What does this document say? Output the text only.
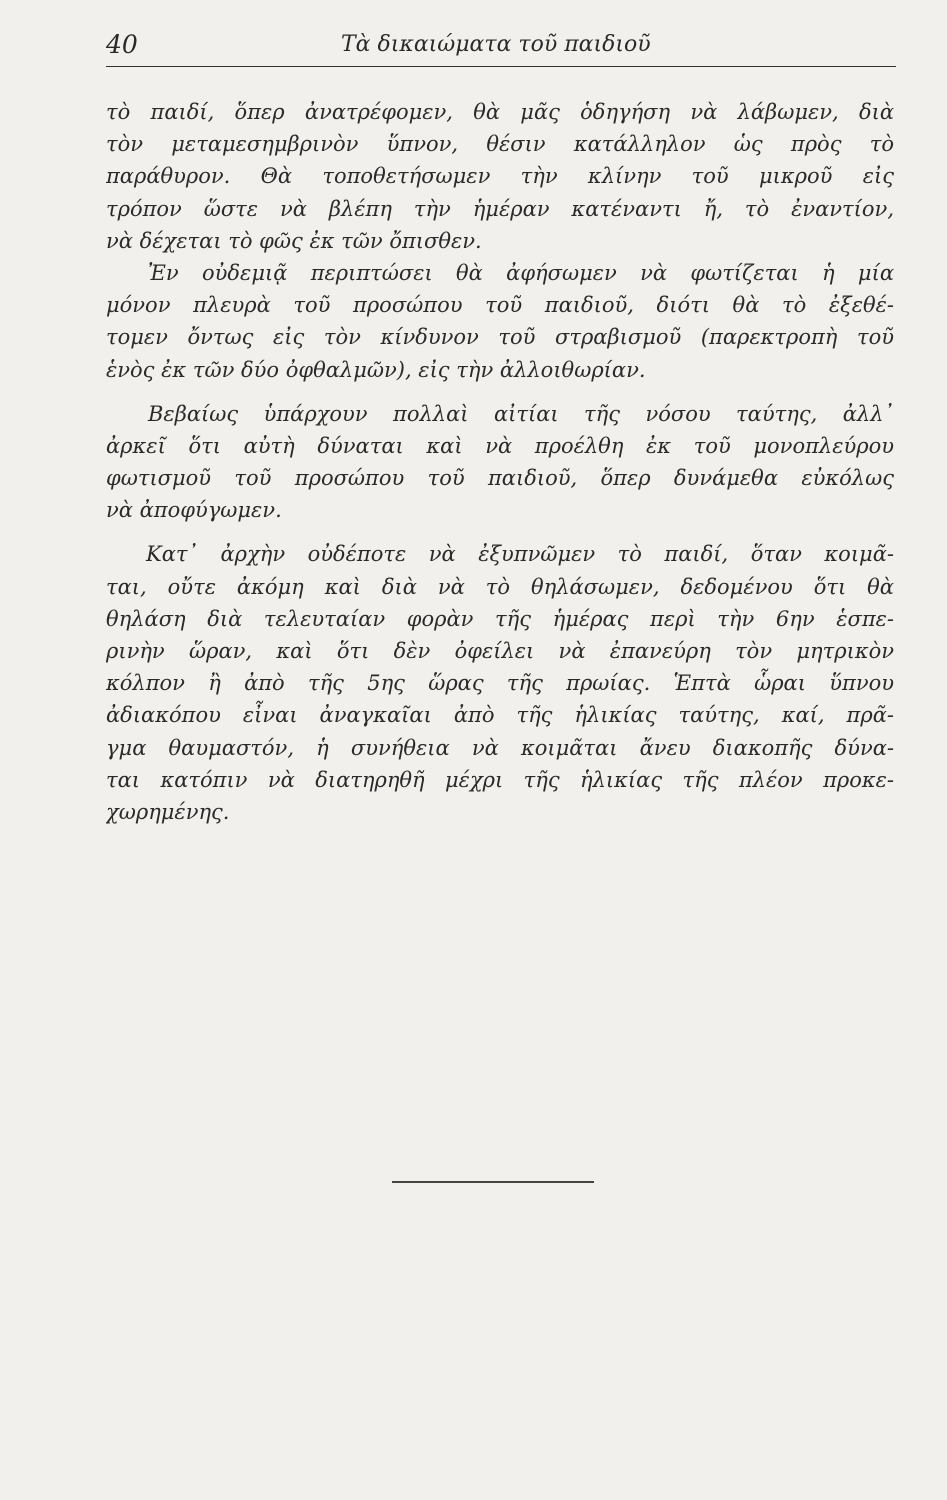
40	Τὰ δικαιώματα τοῦ παιδιοῦ
τὸ παιδί, ὅπερ ἀνατρέφομεν, θὰ μᾶς ὁδηγήση νὰ λάβωμεν, διὰ
τὸν μεταμεσημβρινὸν ὕπνον, θέσιν κατάλληλον ὡς πρὸς τὸ
παράθυρον. Θὰ τοποθετήσωμεν τὴν κλίνην τοῦ μικροῦ εἰς
τρόπον ὥστε νὰ βλέπη τὴν ἡμέραν κατέναντι ἤ, τὸ ἐναντίον,
νὰ δέχεται τὸ φῶς ἐκ τῶν ὄπισθεν.
Ἐν οὐδεμιᾷ περιπτώσει θὰ ἀφήσωμεν νὰ φωτίζεται ἡ μία
μόνον πλευρὰ τοῦ προσώπου τοῦ παιδιοῦ, διότι θὰ τὸ ἐξεθέ-
τομεν ὄντως εἰς τὸν κίνδυνον τοῦ στραβισμοῦ (παρεκτροπὴ τοῦ
ἑνὸς ἐκ τῶν δύο ὀφθαλμῶν), εἰς τὴν ἀλλοιθωρίαν.
Βεβαίως ὑπάρχουν πολλαὶ αἰτίαι τῆς νόσου ταύτης, ἀλλ᾽
ἀρκεῖ ὅτι αὐτὴ δύναται καὶ νὰ προέλθη ἐκ τοῦ μονοπλεύρου
φωτισμοῦ τοῦ προσώπου τοῦ παιδιοῦ, ὅπερ δυνάμεθα εὐκόλως
νὰ ἀποφύγωμεν.
Κατ᾽ ἀρχὴν οὐδέποτε νὰ ἐξυπνῶμεν τὸ παιδί, ὅταν κοιμᾶ-
ται, οὔτε ἀκόμη καὶ διὰ νὰ τὸ θηλάσωμεν, δεδομένου ὅτι θὰ
θηλάση διὰ τελευταίαν φορὰν τῆς ἡμέρας περὶ τὴν 6ην ἑσπε-
ρινὴν ὥραν, καὶ ὅτι δὲν ὀφείλει νὰ ἐπανεύρη τὸν μητρικὸν
κόλπον ἢ ἀπὸ τῆς 5ης ὥρας τῆς πρωίας. Ἑπτὰ ὧραι ὕπνου
ἀδιακόπου εἶναι ἀναγκαῖαι ἀπὸ τῆς ἡλικίας ταύτης, καί, πρᾶ-
γμα θαυμαστόν, ἡ συνήθεια νὰ κοιμᾶται ἄνευ διακοπῆς δύνα-
ται κατόπιν νὰ διατηρηθῆ μέχρι τῆς ἡλικίας τῆς πλέον προκε-
χωρημένης.
